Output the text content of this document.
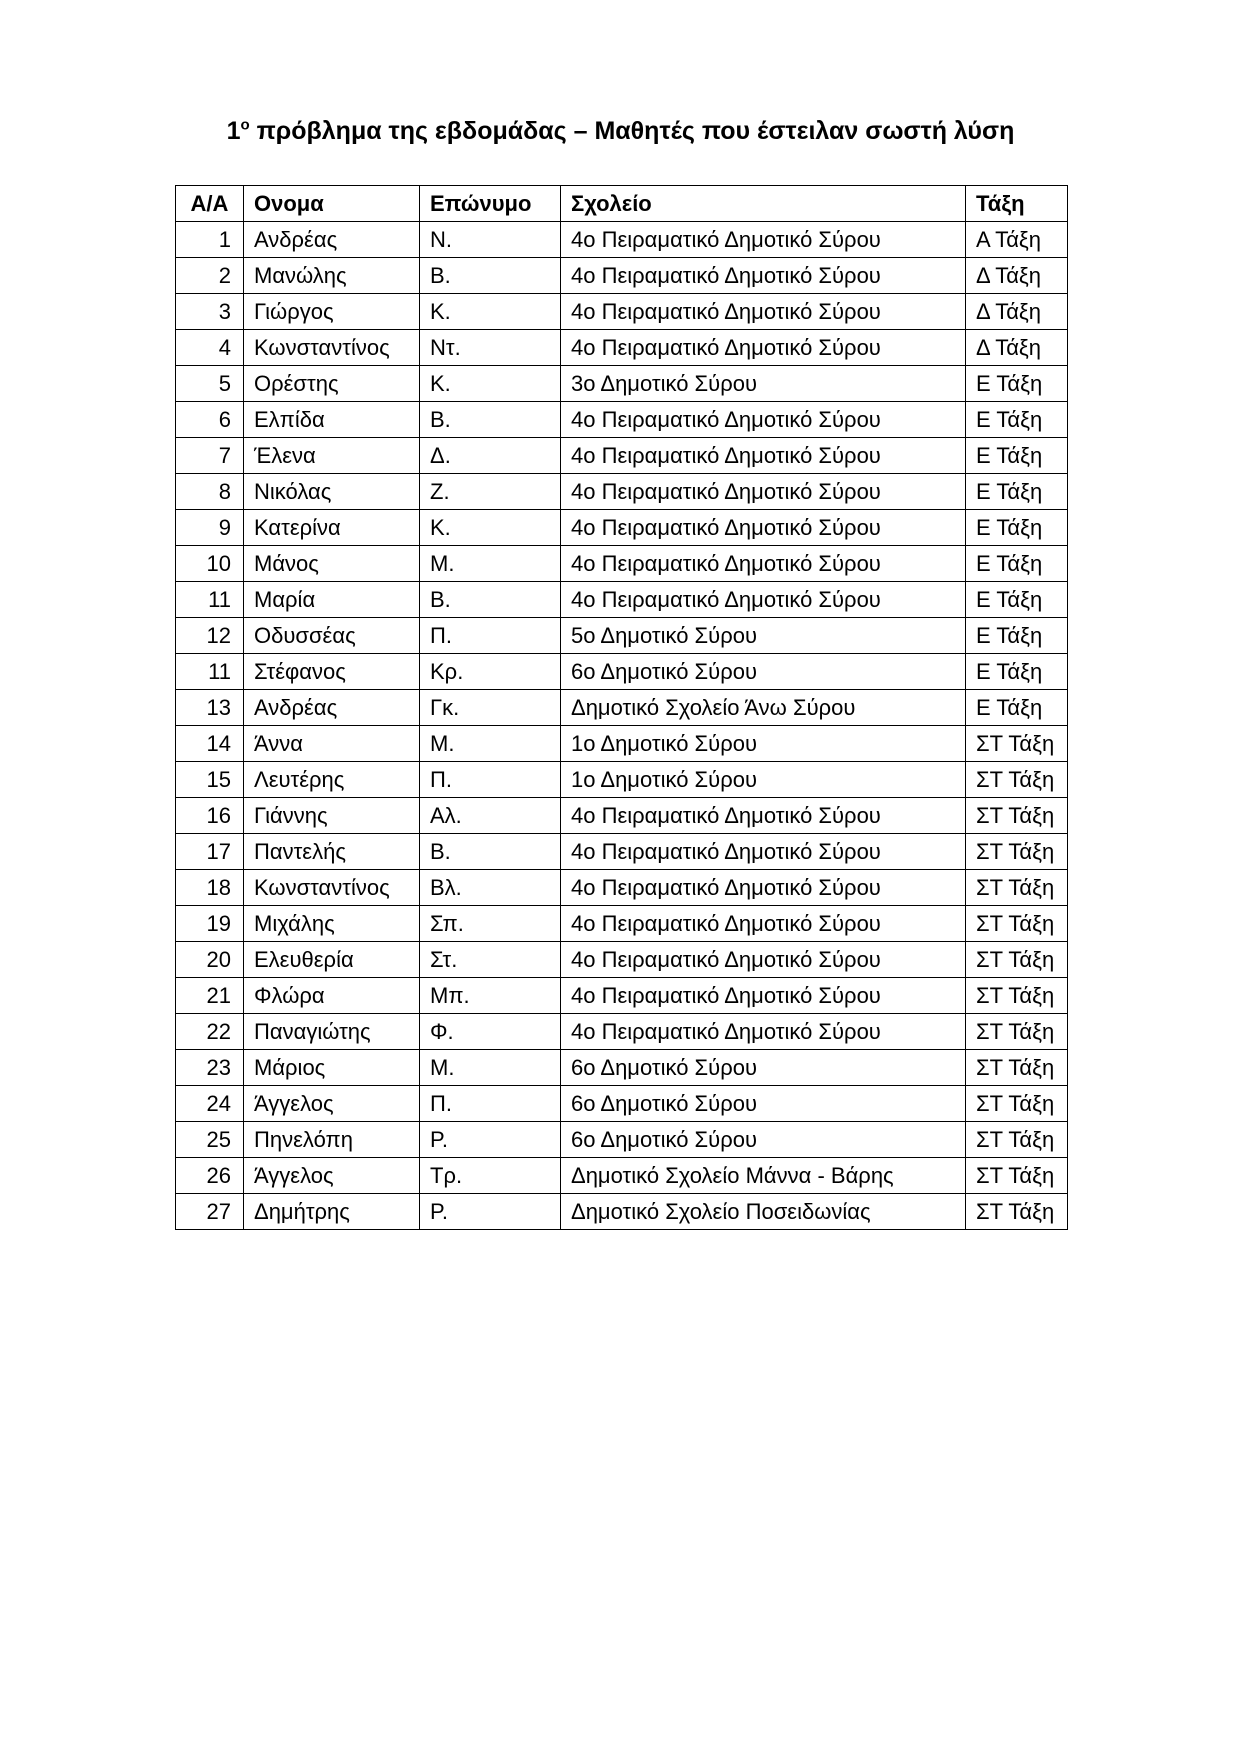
$1^o$ πρόβλημα της εβδομάδας – Μαθητές που έστειλαν σωστή λύση
Α/Α	Ονομα	Επώνυμο	Σχολείο	Τάξη
1	Ανδρέας	Ν.	4ο Πειραματικό Δημοτικό Σύρου	Α Τάξη
2	Μανώλης	Β.	4ο Πειραματικό Δημοτικό Σύρου	Δ Τάξη
3	Γιώργος	Κ.	4ο Πειραματικό Δημοτικό Σύρου	Δ Τάξη
4	Κωνσταντίνος	Ντ.	4ο Πειραματικό Δημοτικό Σύρου	Δ Τάξη
5	Ορέστης	Κ.	3ο Δημοτικό Σύρου	Ε Τάξη
6	Ελπίδα	Β.	4ο Πειραματικό Δημοτικό Σύρου	Ε Τάξη
7	Έλενα	Δ.	4ο Πειραματικό Δημοτικό Σύρου	Ε Τάξη
8	Νικόλας	Ζ.	4ο Πειραματικό Δημοτικό Σύρου	Ε Τάξη
9	Κατερίνα	Κ.	4ο Πειραματικό Δημοτικό Σύρου	Ε Τάξη
10	Μάνος	Μ.	4ο Πειραματικό Δημοτικό Σύρου	Ε Τάξη
11	Μαρία	Β.	4ο Πειραματικό Δημοτικό Σύρου	Ε Τάξη
12	Οδυσσέας	Π.	5ο Δημοτικό Σύρου	Ε Τάξη
11	Στέφανος	Κρ.	6ο Δημοτικό Σύρου	Ε Τάξη
13	Ανδρέας	Γκ.	Δημοτικό Σχολείο Άνω Σύρου	Ε Τάξη
14	Άννα	Μ.	1ο Δημοτικό Σύρου	ΣΤ Τάξη
15	Λευτέρης	Π.	1ο Δημοτικό Σύρου	ΣΤ Τάξη
16	Γιάννης	Αλ.	4ο Πειραματικό Δημοτικό Σύρου	ΣΤ Τάξη
17	Παντελής	Β.	4ο Πειραματικό Δημοτικό Σύρου	ΣΤ Τάξη
18	Κωνσταντίνος	Βλ.	4ο Πειραματικό Δημοτικό Σύρου	ΣΤ Τάξη
19	Μιχάλης	Σπ.	4ο Πειραματικό Δημοτικό Σύρου	ΣΤ Τάξη
20	Ελευθερία	Στ.	4ο Πειραματικό Δημοτικό Σύρου	ΣΤ Τάξη
21	Φλώρα	Μπ.	4ο Πειραματικό Δημοτικό Σύρου	ΣΤ Τάξη
22	Παναγιώτης	Φ.	4ο Πειραματικό Δημοτικό Σύρου	ΣΤ Τάξη
23	Μάριος	Μ.	6ο Δημοτικό Σύρου	ΣΤ Τάξη
24	Άγγελος	Π.	6ο Δημοτικό Σύρου	ΣΤ Τάξη
25	Πηνελόπη	Ρ.	6ο Δημοτικό Σύρου	ΣΤ Τάξη
26	Άγγελος	Τρ.	Δημοτικό Σχολείο Μάννα - Βάρης	ΣΤ Τάξη
27	Δημήτρης	Ρ.	Δημοτικό Σχολείο Ποσειδωνίας	ΣΤ Τάξη
